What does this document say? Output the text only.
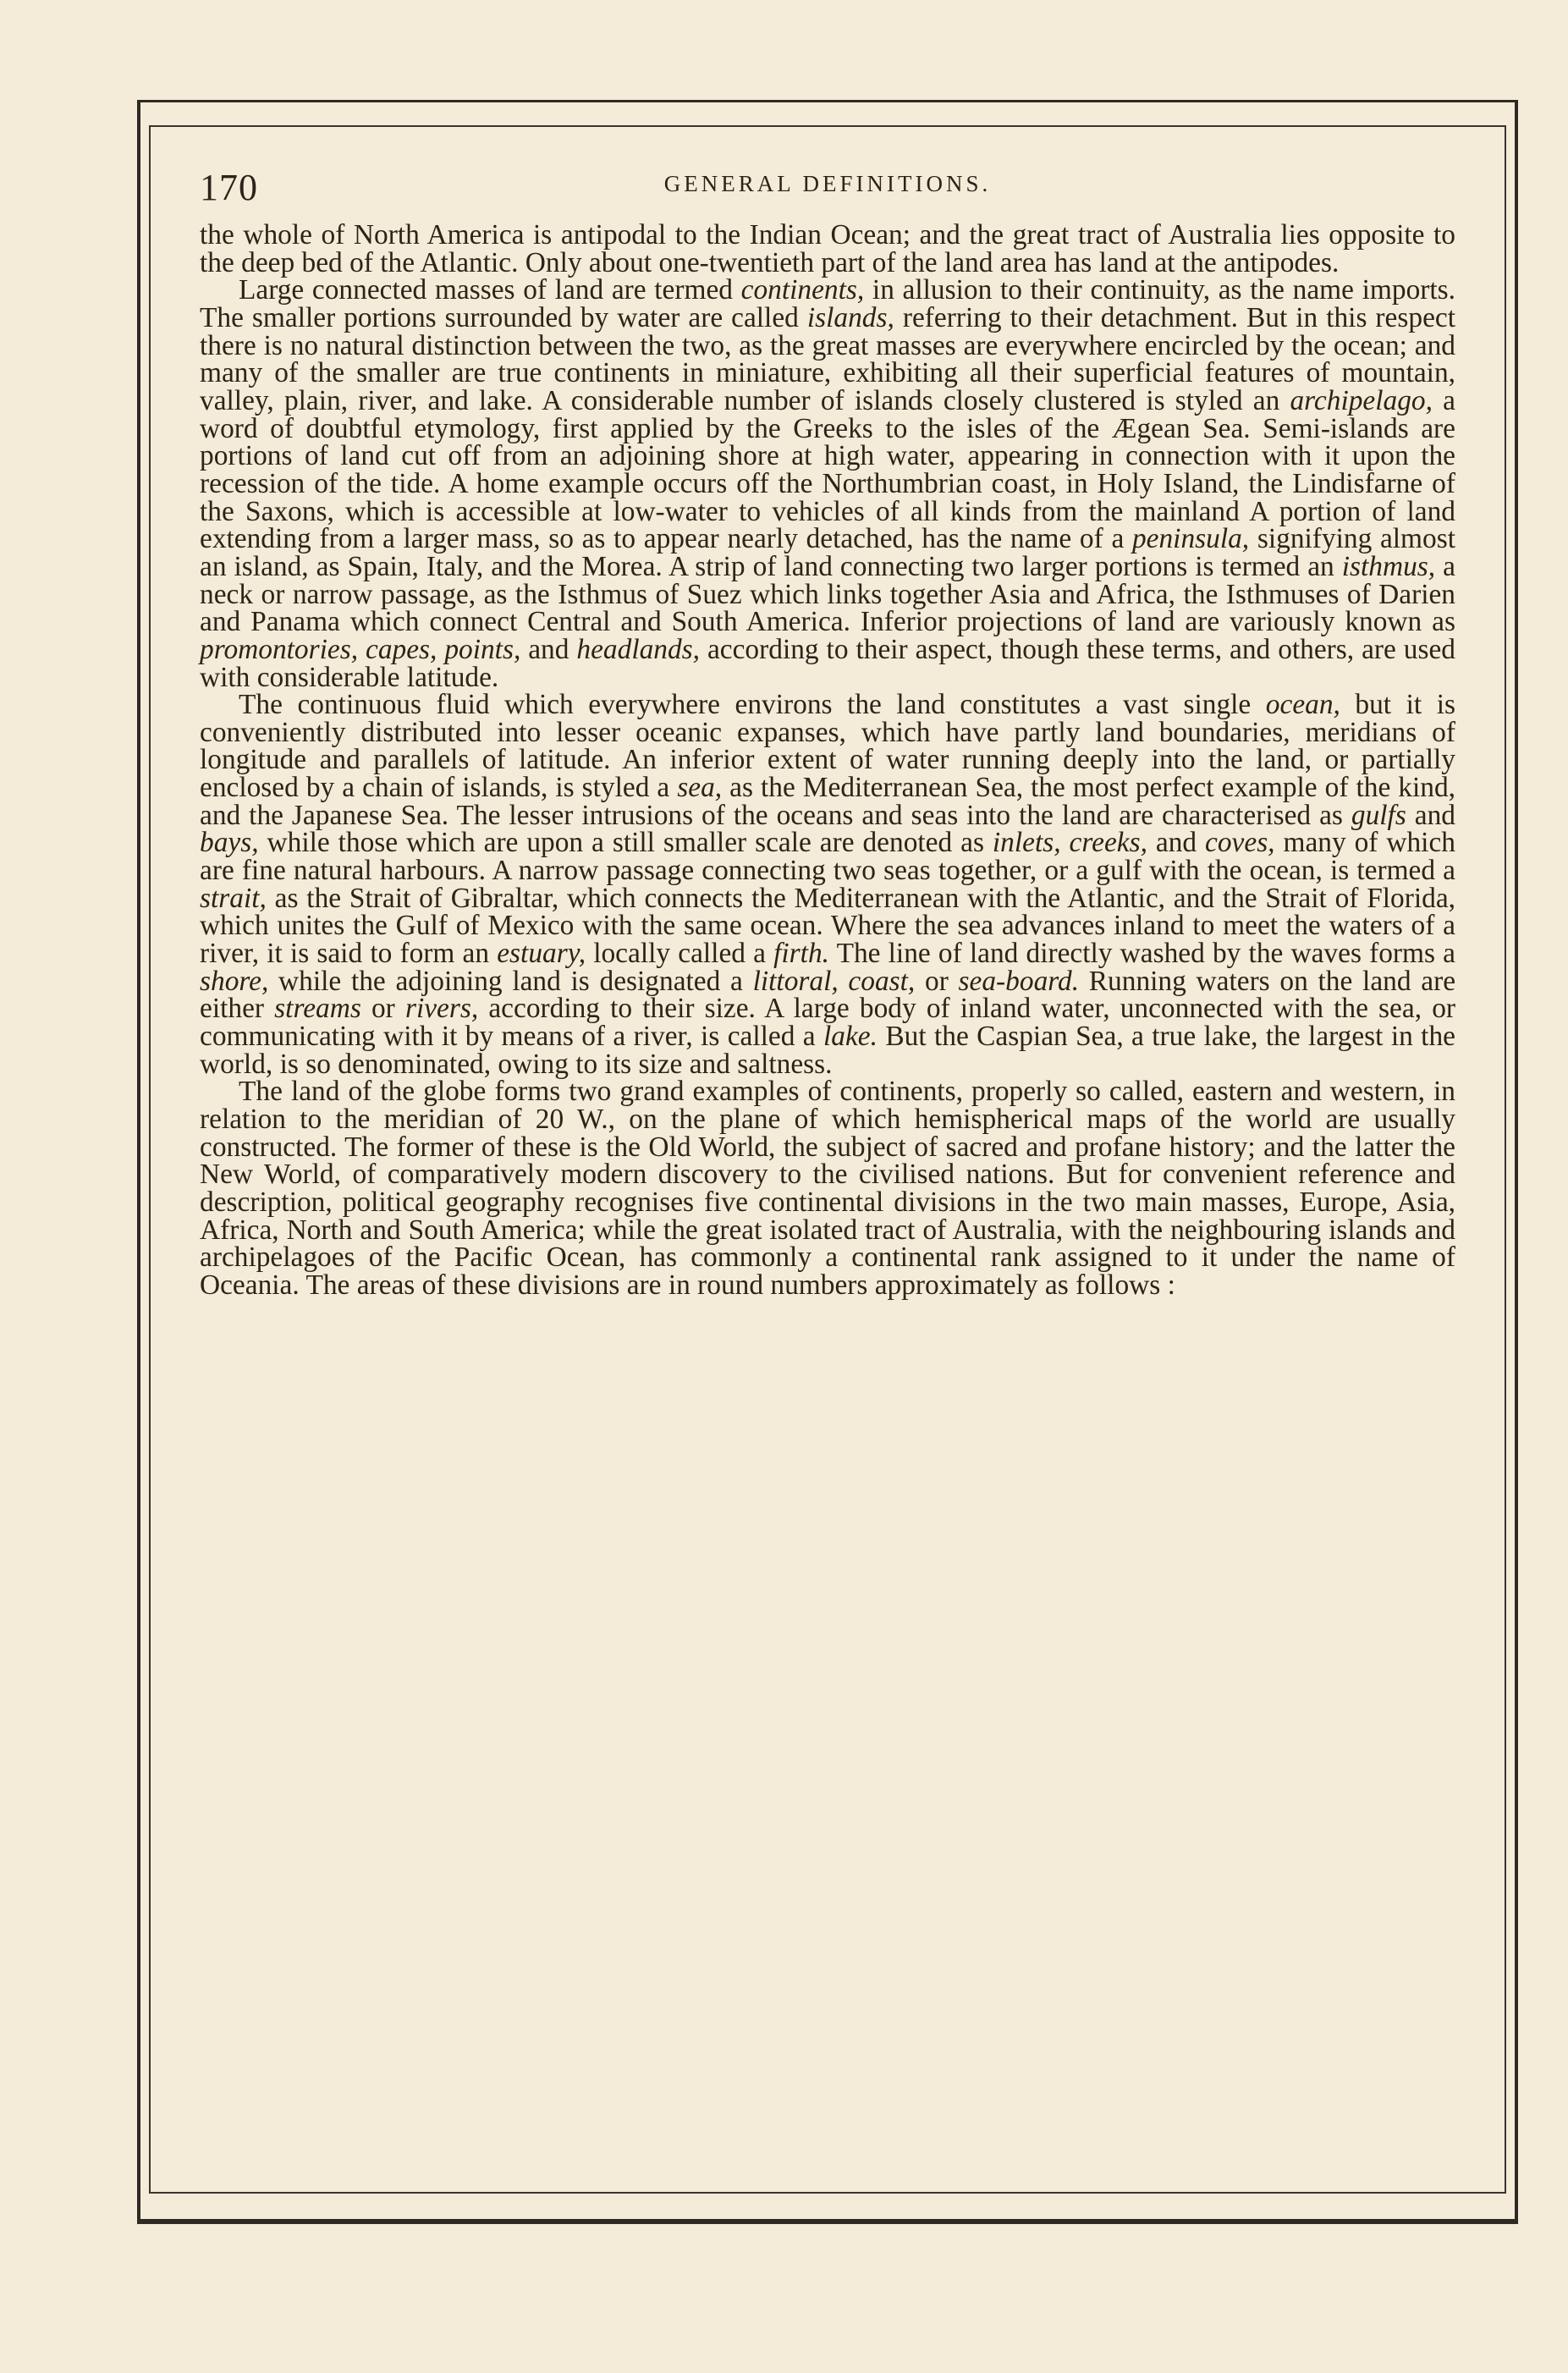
170	GENERAL DEFINITIONS.

the whole of North America is antipodal to the Indian Ocean; and the great tract of Australia lies opposite to the deep bed of the Atlantic. Only about one-twentieth part of the land area has land at the antipodes.

Large connected masses of land are termed continents, in allusion to their continuity, as the name imports. The smaller portions surrounded by water are called islands, referring to their detachment. But in this respect there is no natural distinction between the two, as the great masses are everywhere encircled by the ocean; and many of the smaller are true continents in miniature, exhibiting all their superficial features of mountain, valley, plain, river, and lake. A considerable number of islands closely clustered is styled an archipelago, a word of doubtful etymology, first applied by the Greeks to the isles of the Ægean Sea. Semi-islands are portions of land cut off from an adjoining shore at high water, appearing in connection with it upon the recession of the tide. A home example occurs off the Northumbrian coast, in Holy Island, the Lindisfarne of the Saxons, which is accessible at low-water to vehicles of all kinds from the mainland A portion of land extending from a larger mass, so as to appear nearly detached, has the name of a peninsula, signifying almost an island, as Spain, Italy, and the Morea. A strip of land connecting two larger portions is termed an isthmus, a neck or narrow passage, as the Isthmus of Suez which links together Asia and Africa, the Isthmuses of Darien and Panama which connect Central and South America. Inferior projections of land are variously known as promontories, capes, points, and headlands, according to their aspect, though these terms, and others, are used with considerable latitude.

The continuous fluid which everywhere environs the land constitutes a vast single ocean, but it is conveniently distributed into lesser oceanic expanses, which have partly land boundaries, meridians of longitude and parallels of latitude. An inferior extent of water running deeply into the land, or partially enclosed by a chain of islands, is styled a sea, as the Mediterranean Sea, the most perfect example of the kind, and the Japanese Sea. The lesser intrusions of the oceans and seas into the land are characterised as gulfs and bays, while those which are upon a still smaller scale are denoted as inlets, creeks, and coves, many of which are fine natural harbours. A narrow passage connecting two seas together, or a gulf with the ocean, is termed a strait, as the Strait of Gibraltar, which connects the Mediterranean with the Atlantic, and the Strait of Florida, which unites the Gulf of Mexico with the same ocean. Where the sea advances inland to meet the waters of a river, it is said to form an estuary, locally called a firth. The line of land directly washed by the waves forms a shore, while the adjoining land is designated a littoral, coast, or sea-board. Running waters on the land are either streams or rivers, according to their size. A large body of inland water, unconnected with the sea, or communicating with it by means of a river, is called a lake. But the Caspian Sea, a true lake, the largest in the world, is so denominated, owing to its size and saltness.

The land of the globe forms two grand examples of continents, properly so called, eastern and western, in relation to the meridian of 20 W., on the plane of which hemispherical maps of the world are usually constructed. The former of these is the Old World, the subject of sacred and profane history; and the latter the New World, of comparatively modern discovery to the civilised nations. But for convenient reference and description, political geography recognises five continental divisions in the two main masses, Europe, Asia, Africa, North and South America; while the great isolated tract of Australia, with the neighbouring islands and archipelagoes of the Pacific Ocean, has commonly a continental rank assigned to it under the name of Oceania. The areas of these divisions are in round numbers approximately as follows :
